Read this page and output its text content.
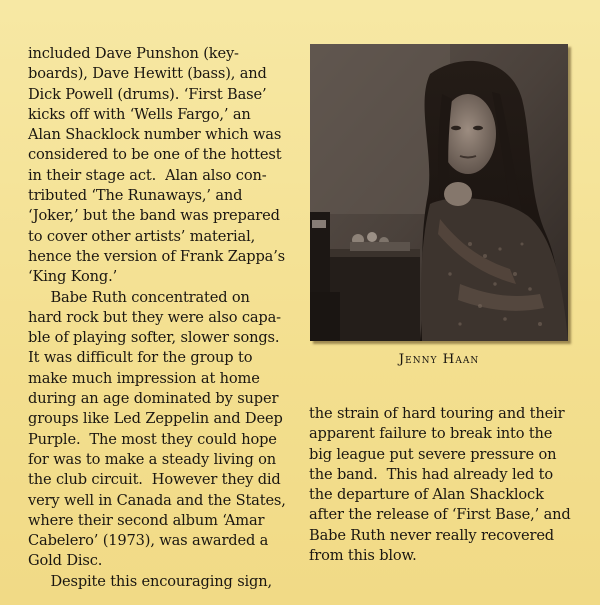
included Dave Punshon (key-
boards), Dave Hewitt (bass), and
Dick Powell (drums). ‘First Base’
kicks off with ‘Wells Fargo,’ an
Alan Shacklock number which was
considered to be one of the hottest
in their stage act.  Alan also con-
tributed ‘The Runaways,’ and
‘Joker,’ but the band was prepared
to cover other artists’ material,
hence the version of Frank Zappa’s
‘King Kong.’
Babe Ruth concentrated on
hard rock but they were also capa-
ble of playing softer, slower songs.
It was difficult for the group to
make much impression at home
during an age dominated by super
groups like Led Zeppelin and Deep
Purple.  The most they could hope
for was to make a steady living on
the club circuit.  However they did
very well in Canada and the States,
where their second album ‘Amar
Cabelero’ (1973), was awarded a
Gold Disc.
Despite this encouraging sign,
Jenny Haan
the strain of hard touring and their
apparent failure to break into the
big league put severe pressure on
the band.  This had already led to
the departure of Alan Shacklock
after the release of ‘First Base,’ and
Babe Ruth never really recovered
from this blow.
